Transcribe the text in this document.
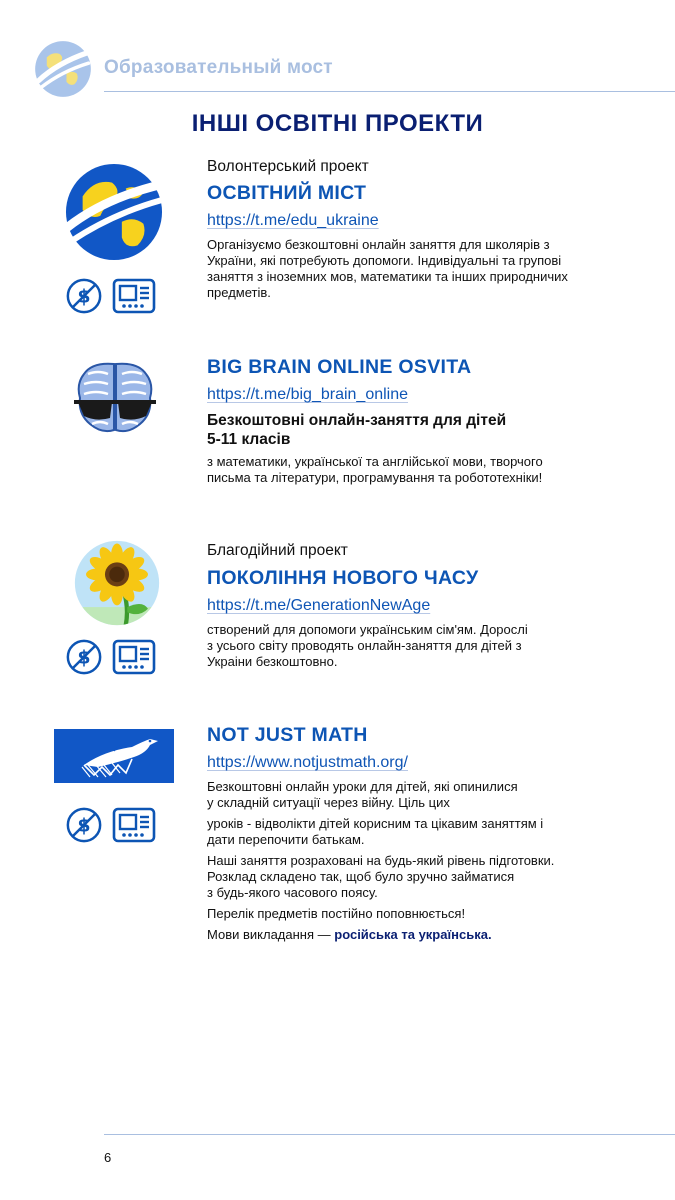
Образовательный мост
ІНШІ ОСВІТНІ ПРОЕКТИ
$
Волонтерський проект
ОСВІТНИЙ МІСТ
https://t.me/edu_ukraine
Організуємо безкоштовні онлайн заняття для школярів з
України, які потребують допомоги. Індивідуальні та групові
заняття з іноземних мов, математики та інших природничих
предметів.
BIG BRAIN ONLINE OSVITA
https://t.me/big_brain_online
Безкоштовні онлайн-заняття для дітей
5-11 класів
з математики, української та англійської мови, творчого
письма та літератури, програмування та робототехніки!
$
Благодійний проект
ПОКОЛІННЯ НОВОГО ЧАСУ
https://t.me/GenerationNewAge
створений для допомоги українським сім'ям. Дорослі
з усього світу проводять онлайн-заняття для дітей з
Украіни безкоштовно.
$
NOT JUST MATH
https://www.notjustmath.org/
Безкоштовні онлайн уроки для дітей, які опинилися
у складній ситуації через війну. Ціль цих
уроків - відволікти дітей корисним та цікавим заняттям і
дати перепочити батькам.
Наші заняття розраховані на будь-який рівень підготовки.
Розклад складено так, щоб було зручно займатися
з будь-якого часового поясу.
Перелік предметів постійно поповнюється!
Мови викладання — російська та українська.
6
